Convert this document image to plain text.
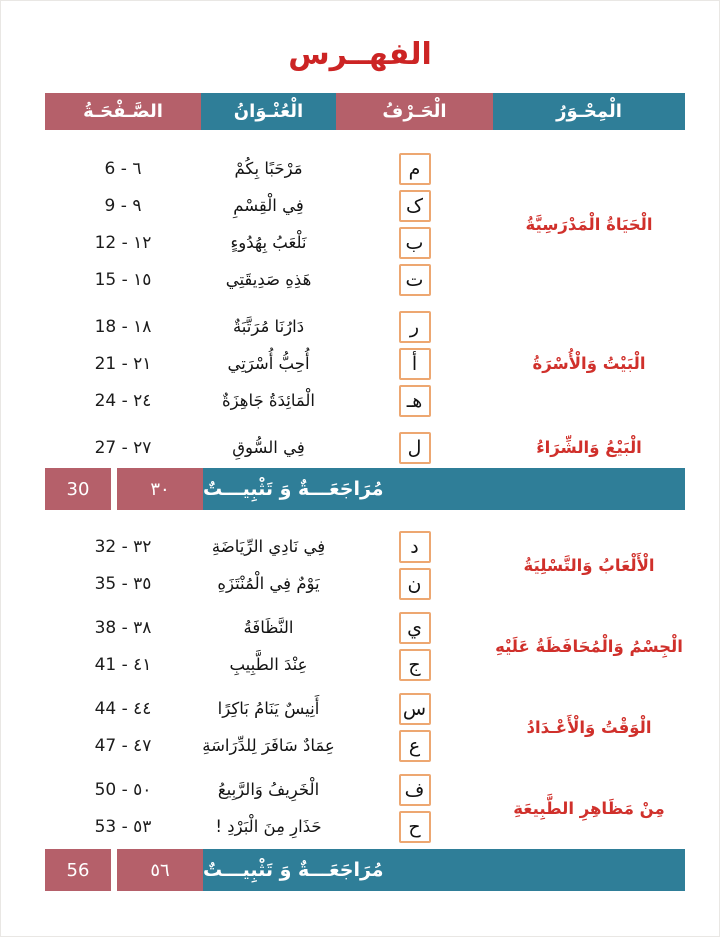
الفهــرس
الصَّـفْحَـةُ	الْعُنْـوَانُ	الْحَـرْفُ	الْمِحْـوَرُ
6 - ٦	مَرْحَبًا بِكُمْ	م
9 - ٩	فِي الْقِسْمِ	ک
12 - ١٢	نَلْعَبُ بِهُدُوءٍ	ب
15 - ١٥	هَذِهِ صَدِيقَتِي	ت
الْحَيَاةُ الْمَدْرَسِيَّةُ
18 - ١٨	دَارُنَا مُرَتَّبَةٌ	ر
21 - ٢١	أُحِبُّ أُسْرَتِي	أ
24 - ٢٤	الْمَائِدَةُ جَاهِزَةٌ	هـ
الْبَيْتُ وَالْأُسْرَةُ
27 - ٢٧	فِي السُّوقِ	ل	الْبَيْعُ وَالشِّرَاءُ
30	٣٠	مُرَاجَعَـــةٌ وَ تَثْبِيـــتٌ
32 - ٣٢	فِي نَادِي الرِّيَاضَةِ	د
35 - ٣٥	يَوْمٌ فِي الْمُنْتَزَهِ	ن
الْأَلْعَابُ وَالتَّسْلِيَةُ
38 - ٣٨	النَّظَافَةُ	ي
41 - ٤١	عِنْدَ الطَّبِيبِ	ج
الْجِسْمُ وَالْمُحَافَظَةُ عَلَيْهِ
44 - ٤٤	أَنِيسٌ يَنَامُ بَاكِرًا	س
47 - ٤٧	عِمَادٌ سَافَرَ لِلدِّرَاسَةِ	ع
الْوَقْتُ وَالْأَعْـدَادُ
50 - ٥٠	الْخَرِيفُ وَالرَّبِيعُ	ف
53 - ٥٣	حَذَارِ مِنَ الْبَرْدِ !	ح
مِنْ مَظَاهِرِ الطَّبِيعَةِ
56	٥٦	مُرَاجَعَـــةٌ وَ تَثْبِيـــتٌ
